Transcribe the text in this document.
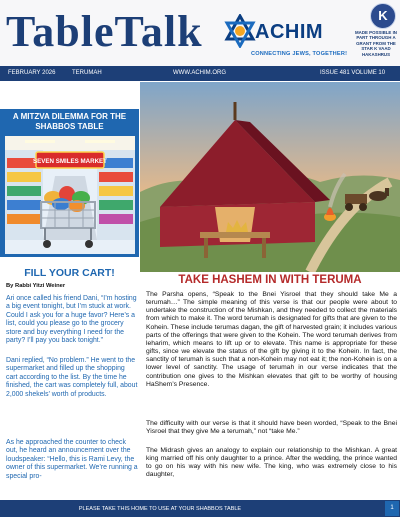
TableTalk	ACHIM
CONNECTING JEWS, TOGETHER!
K
MADE POSSIBLE IN PART THROUGH A GRANT FROM THE STAR K VAAD HAKASHRUS
FEBRUARY 2026	TERUMAH	WWW.ACHIM.ORG	ISSUE 481 VOLUME 10
A MITZVA DILEMMA FOR THE SHABBOS TABLE
SEVEN SMILES MARKET
FILL YOUR CART!
By Rabbi Yitzi Weiner
Ari once called his friend Dani, “I’m hosting a big event tonight, but I’m stuck at work. Could I ask you for a huge favor? Here’s a list, could you please go to the grocery store and buy everything I need for the party? I’ll pay you back tonight.”
Dani replied, “No problem.” He went to the supermarket and filled up the shopping cart according to the list. By the time he finished, the cart was completely full, about 2,000 shekels’ worth of products.
As he approached the counter to check out, he heard an announcement over the loudspeaker: “Hello, this is Rami Levy, the owner of this supermarket. We’re running a special pro-
TAKE HASHEM IN WITH TERUMA
The Parsha opens, “Speak to the Bnei Yisroel that they should take Me a terumah…” The simple meaning of this verse is that our people were about to undertake the construction of the Mishkan, and they needed to collect the materials from which to make it. The word terumah is designated for gifts that are given to the Kohein. These include terumas dagan, the gift of harvested grain; it includes various parts of the offerings that were given to the Kohein. The word terumah derives from leharim, which means to lift up or to elevate. This name is appropriate for these gifts, since we elevate the status of the gift by giving it to the Kohein. In fact, the sanctity of terumah is such that a non-Kohein may not eat it; the non-Kohein is on a lower level of sanctity. The usage of terumah in our verse indicates that the contribution one gives to the Mishkan elevates that gift to be worthy of housing HaShem’s Presence.
The difficulty with our verse is that it should have been worded, “Speak to the Bnei Yisroel that they give Me a terumah,” not “take Me.”
The Midrash gives an analogy to explain our relationship to the Mishkan. A great king married off his only daughter to a prince. After the wedding, the prince wanted to go on his way with his new wife. The king, who was extremely close to his daughter,
PLEASE TAKE THIS HOME TO USE AT YOUR SHABBOS TABLE	1
